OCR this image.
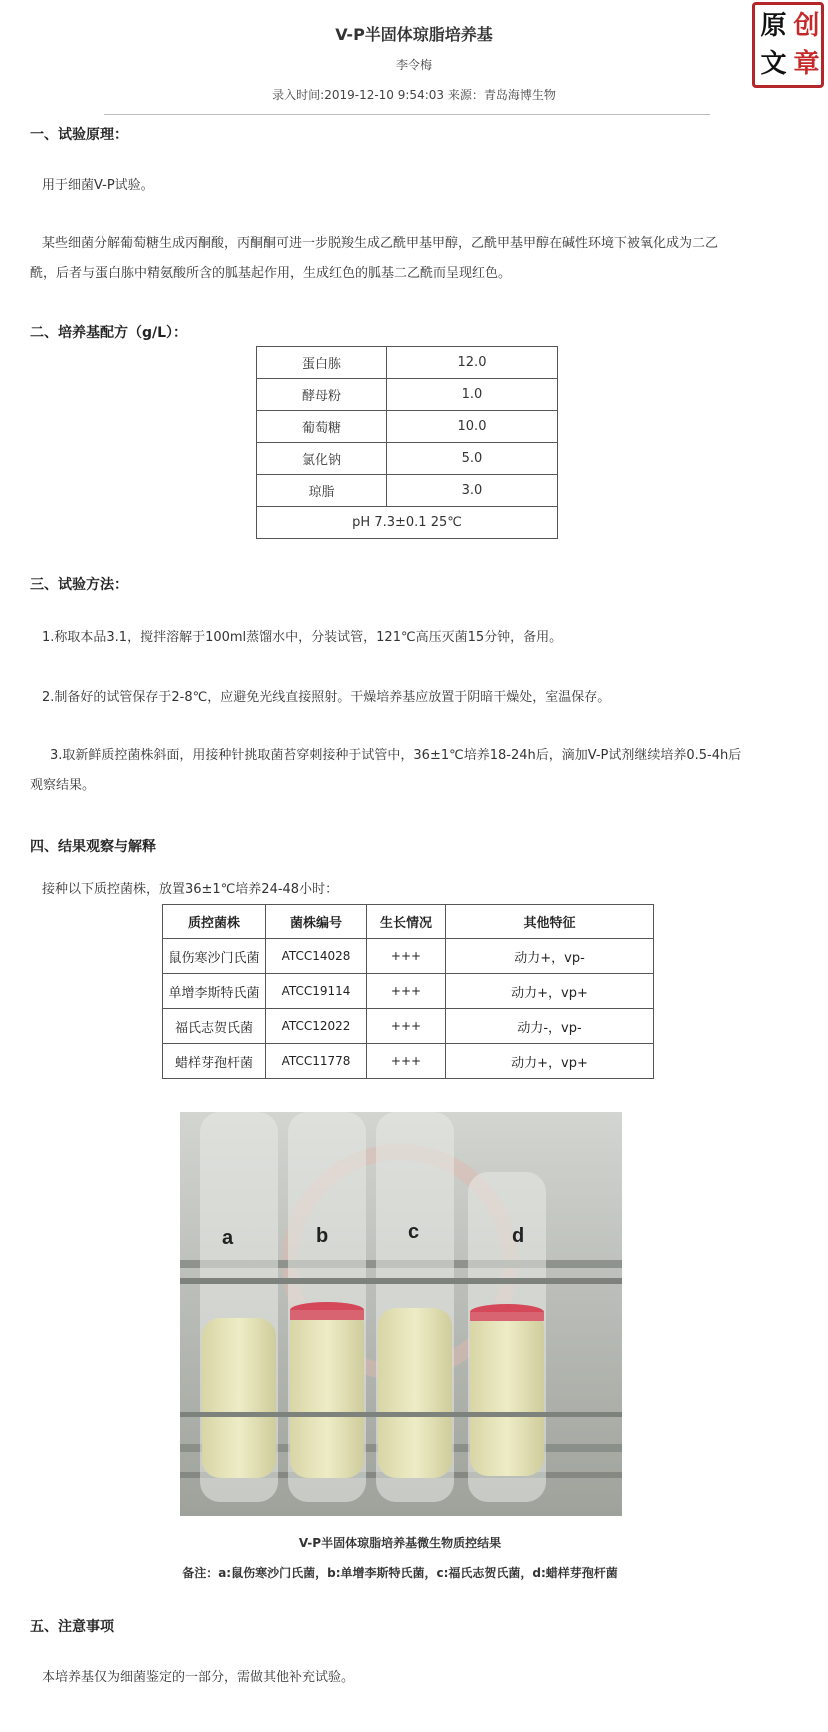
V-P半固体琼脂培养基
李令梅
录入时间:2019-12-10 9:54:03 来源：青岛海博生物
原 创
文 章
一、试验原理：
用于细菌V-P试验。
某些细菌分解葡萄糖生成丙酮酸，丙酮酮可进一步脱羧生成乙酰甲基甲醇，乙酰甲基甲醇在碱性环境下被氧化成为二乙
酰，后者与蛋白胨中精氨酸所含的胍基起作用，生成红色的胍基二乙酰而呈现红色。
二、培养基配方（g/L）：
蛋白胨	12.0
酵母粉	1.0
葡萄糖	10.0
氯化钠	5.0
琼脂	3.0
pH 7.3±0.1 25℃	
三、试验方法：
1.称取本品3.1，搅拌溶解于100ml蒸馏水中，分装试管，121℃高压灭菌15分钟，备用。
2.制备好的试管保存于2-8℃，应避免光线直接照射。干燥培养基应放置于阴暗干燥处，室温保存。
3.取新鲜质控菌株斜面，用接种针挑取菌苔穿刺接种于试管中，36±1℃培养18-24h后，滴加V-P试剂继续培养0.5-4h后
观察结果。
四、结果观察与解释
接种以下质控菌株，放置36±1℃培养24-48小时：
质控菌株	菌株编号	生长情况	其他特征
鼠伤寒沙门氏菌	ATCC14028	+++	动力+，vp-
单增李斯特氏菌	ATCC19114	+++	动力+，vp+
福氏志贺氏菌	ATCC12022	+++	动力-，vp-
蜡样芽孢杆菌	ATCC11778	+++	动力+，vp+
a	b	c	d
V-P半固体琼脂培养基微生物质控结果
备注：a:鼠伤寒沙门氏菌，b:单增李斯特氏菌，c:福氏志贺氏菌，d:蜡样芽孢杆菌
五、注意事项
本培养基仅为细菌鉴定的一部分，需做其他补充试验。
